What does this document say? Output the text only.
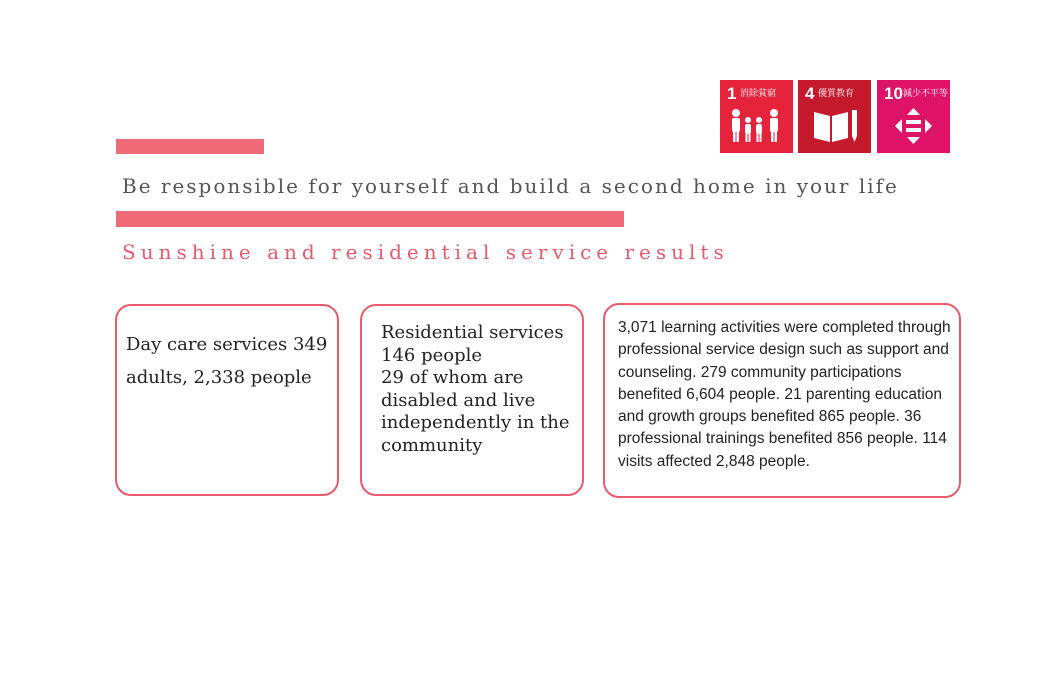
Be responsible for yourself and build a second home in your life
Sunshine and residential service results
1 消除貧窮 4 優質教育 10 減少不平等
Day care services 349 adults, 2,338 people
Residential services 146 people
29 of whom are disabled and live independently in the community
3,071 learning activities were completed through professional service design such as support and counseling. 279 community participations benefited 6,604 people. 21 parenting education and growth groups benefited 865 people. 36 professional trainings benefited 856 people. 114 visits affected 2,848 people.
